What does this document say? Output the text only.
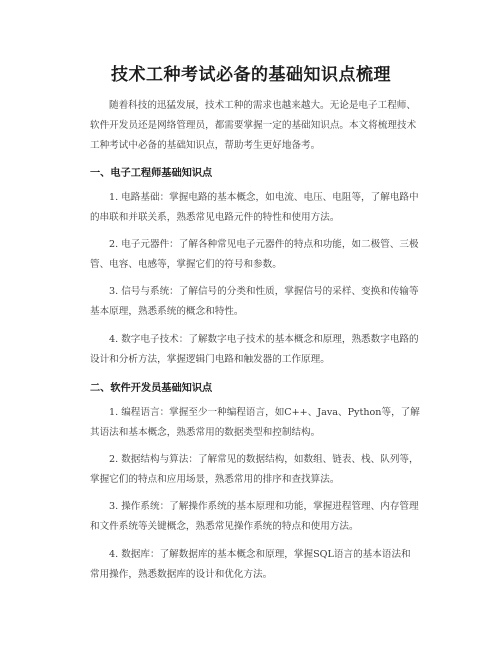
技术工种考试必备的基础知识点梳理
随着科技的迅猛发展，技术工种的需求也越来越大。无论是电子工程师、软件开发员还是网络管理员，都需要掌握一定的基础知识点。本文将梳理技术工种考试中必备的基础知识点，帮助考生更好地备考。
一、电子工程师基础知识点
1. 电路基础：掌握电路的基本概念，如电流、电压、电阻等，了解电路中的串联和并联关系，熟悉常见电路元件的特性和使用方法。
2. 电子元器件：了解各种常见电子元器件的特点和功能，如二极管、三极管、电容、电感等，掌握它们的符号和参数。
3. 信号与系统：了解信号的分类和性质，掌握信号的采样、变换和传输等基本原理，熟悉系统的概念和特性。
4. 数字电子技术：了解数字电子技术的基本概念和原理，熟悉数字电路的设计和分析方法，掌握逻辑门电路和触发器的工作原理。
二、软件开发员基础知识点
1. 编程语言：掌握至少一种编程语言，如C++、Java、Python等，了解其语法和基本概念，熟悉常用的数据类型和控制结构。
2. 数据结构与算法：了解常见的数据结构，如数组、链表、栈、队列等，掌握它们的特点和应用场景，熟悉常用的排序和查找算法。
3. 操作系统：了解操作系统的基本原理和功能，掌握进程管理、内存管理和文件系统等关键概念，熟悉常见操作系统的特点和使用方法。
4. 数据库：了解数据库的基本概念和原理，掌握SQL语言的基本语法和常用操作，熟悉数据库的设计和优化方法。
